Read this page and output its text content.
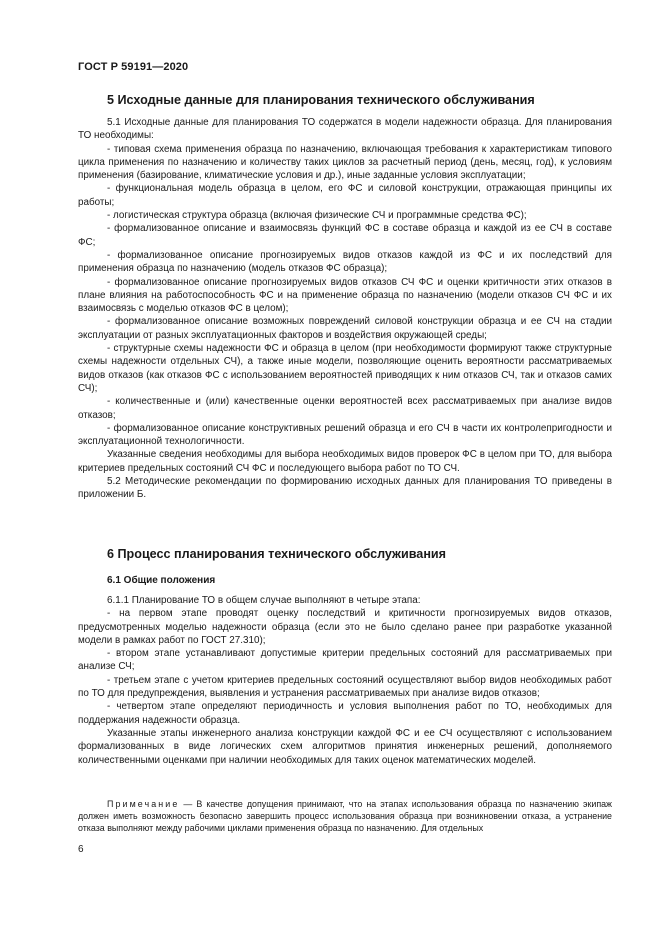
ГОСТ Р 59191—2020
5 Исходные данные для планирования технического обслуживания

5.1 Исходные данные для планирования ТО содержатся в модели надежности образца. Для планирования ТО необходимы:

- типовая схема применения образца по назначению, включающая требования к характеристикам типового цикла применения по назначению и количеству таких циклов за расчетный период (день, месяц, год), к условиям применения (базирование, климатические условия и др.), иные заданные условия эксплуатации;

- функциональная модель образца в целом, его ФС и силовой конструкции, отражающая принципы их работы;

- логистическая структура образца (включая физические СЧ и программные средства ФС);

- формализованное описание и взаимосвязь функций ФС в составе образца и каждой из ее СЧ в составе ФС;

- формализованное описание прогнозируемых видов отказов каждой из ФС и их последствий для применения образца по назначению (модель отказов ФС образца);

- формализованное описание прогнозируемых видов отказов СЧ ФС и оценки критичности этих отказов в плане влияния на работоспособность ФС и на применение образца по назначению (модели отказов СЧ ФС и их взаимосвязь с моделью отказов ФС в целом);

- формализованное описание возможных повреждений силовой конструкции образца и ее СЧ на стадии эксплуатации от разных эксплуатационных факторов и воздействия окружающей среды;

- структурные схемы надежности ФС и образца в целом (при необходимости формируют также структурные схемы надежности отдельных СЧ), а также иные модели, позволяющие оценить вероятности рассматриваемых видов отказов (как отказов ФС с использованием вероятностей приводящих к ним отказов СЧ, так и отказов самих СЧ);

- количественные и (или) качественные оценки вероятностей всех рассматриваемых при анализе видов отказов;

- формализованное описание конструктивных решений образца и его СЧ в части их контролепригодности и эксплуатационной технологичности.

Указанные сведения необходимы для выбора необходимых видов проверок ФС в целом при ТО, для выбора критериев предельных состояний СЧ ФС и последующего выбора работ по ТО СЧ.

5.2 Методические рекомендации по формированию исходных данных для планирования ТО приведены в приложении Б.

6 Процесс планирования технического обслуживания
6.1 Общие положения

6.1.1 Планирование ТО в общем случае выполняют в четыре этапа:

- на первом этапе проводят оценку последствий и критичности прогнозируемых видов отказов, предусмотренных моделью надежности образца (если это не было сделано ранее при разработке указанной модели в рамках работ по ГОСТ 27.310);

- втором этапе устанавливают допустимые критерии предельных состояний для рассматриваемых при анализе СЧ;

- третьем этапе с учетом критериев предельных состояний осуществляют выбор видов необходимых работ по ТО для предупреждения, выявления и устранения рассматриваемых при анализе видов отказов;

- четвертом этапе определяют периодичность и условия выполнения работ по ТО, необходимых для поддержания надежности образца.

Указанные этапы инженерного анализа конструкции каждой ФС и ее СЧ осуществляют с использованием формализованных в виде логических схем алгоритмов принятия инженерных решений, дополняемого количественными оценками при наличии необходимых для таких оценок математических моделей.

Примечание — В качестве допущения принимают, что на этапах использования образца по назначению экипаж должен иметь возможность безопасно завершить процесс использования образца при возникновении отказа, а устранение отказа выполняют между рабочими циклами применения образца по назначению. Для отдельных
6
